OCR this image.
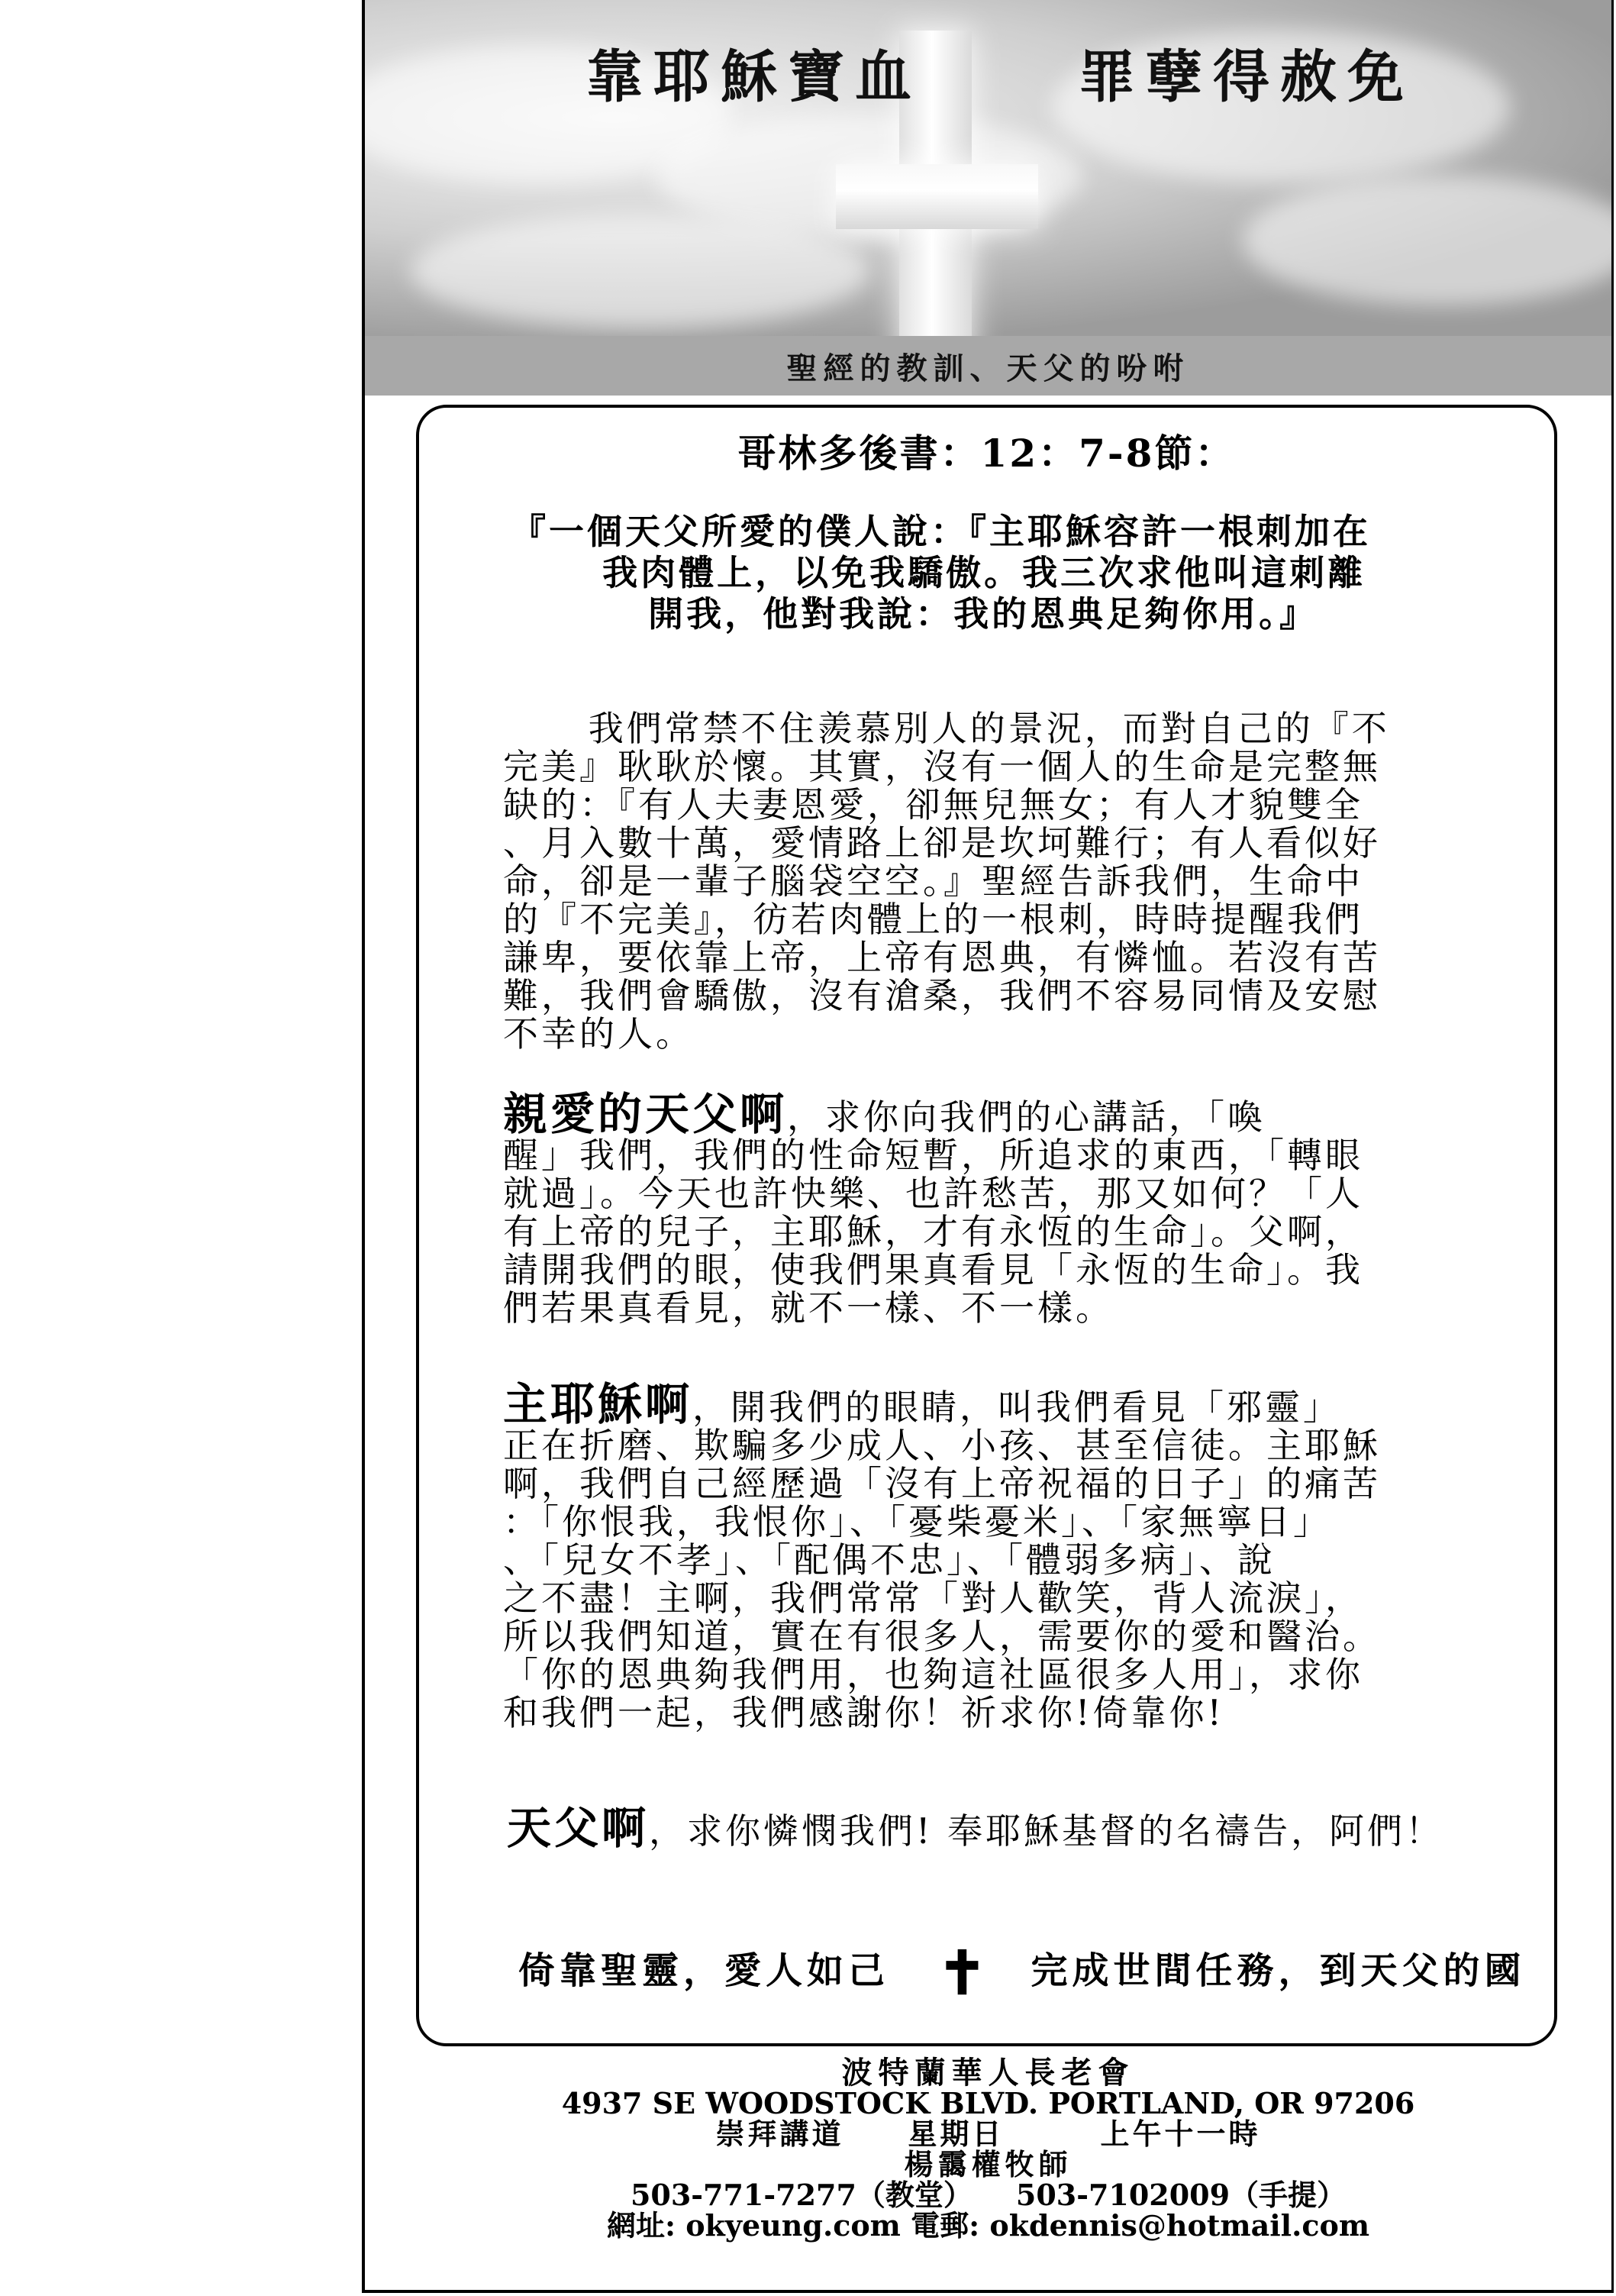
靠耶穌寶血	罪孽得赦免
聖經的教訓、天父的吩咐
哥林多後書：12：7-8節：
『一個天父所愛的僕人說：『主耶穌容許一根刺加在
我肉體上，以免我驕傲。我三次求他叫這刺離
開我，他對我說：我的恩典足夠你用。』
我們常禁不住羨慕別人的景況，而對自己的『不
完美』耿耿於懷。其實，沒有一個人的生命是完整無
缺的：『有人夫妻恩愛，卻無兒無女；有人才貌雙全
、月入數十萬，愛情路上卻是坎坷難行；有人看似好
命，卻是一輩子腦袋空空。』聖經告訴我們，生命中
的『不完美』，彷若肉體上的一根刺，時時提醒我們
謙卑，要依靠上帝，上帝有恩典，有憐恤。若沒有苦
難，我們會驕傲，沒有滄桑，我們不容易同情及安慰
不幸的人。
親愛的天父啊，求你向我們的心講話，「喚
醒」我們，我們的性命短暫，所追求的東西，「轉眼
就過」。今天也許快樂、也許愁苦，那又如何？「人
有上帝的兒子，主耶穌，才有永恆的生命」。父啊，
請開我們的眼，使我們果真看見「永恆的生命」。我
們若果真看見，就不一樣、不一樣。
主耶穌啊，開我們的眼睛，叫我們看見「邪靈」
正在折磨、欺騙多少成人、小孩、甚至信徒。主耶穌
啊，我們自己經歷過「沒有上帝祝福的日子」的痛苦
：「你恨我，我恨你」、「憂柴憂米」、「家無寧日」
、「兒女不孝」、「配偶不忠」、「體弱多病」、說
之不盡！主啊，我們常常「對人歡笑，背人流淚」，
所以我們知道，實在有很多人，需要你的愛和醫治。
「你的恩典夠我們用，也夠這社區很多人用」，求你
和我們一起，我們感謝你！祈求你!倚靠你!
天父啊，求你憐憫我們! 奉耶穌基督的名禱告，阿們！
倚靠聖靈，愛人如己 ✝ 完成世間任務，到天父的國
波特蘭華人長老會
4937 SE WOODSTOCK BLVD. PORTLAND, OR 97206
崇拜講道　　星期日　　　上午十一時
楊靄權牧師
503-771-7277（教堂）　　503-7102009（手提）
網址: okyeung.com 電郵: okdennis@hotmail.com
